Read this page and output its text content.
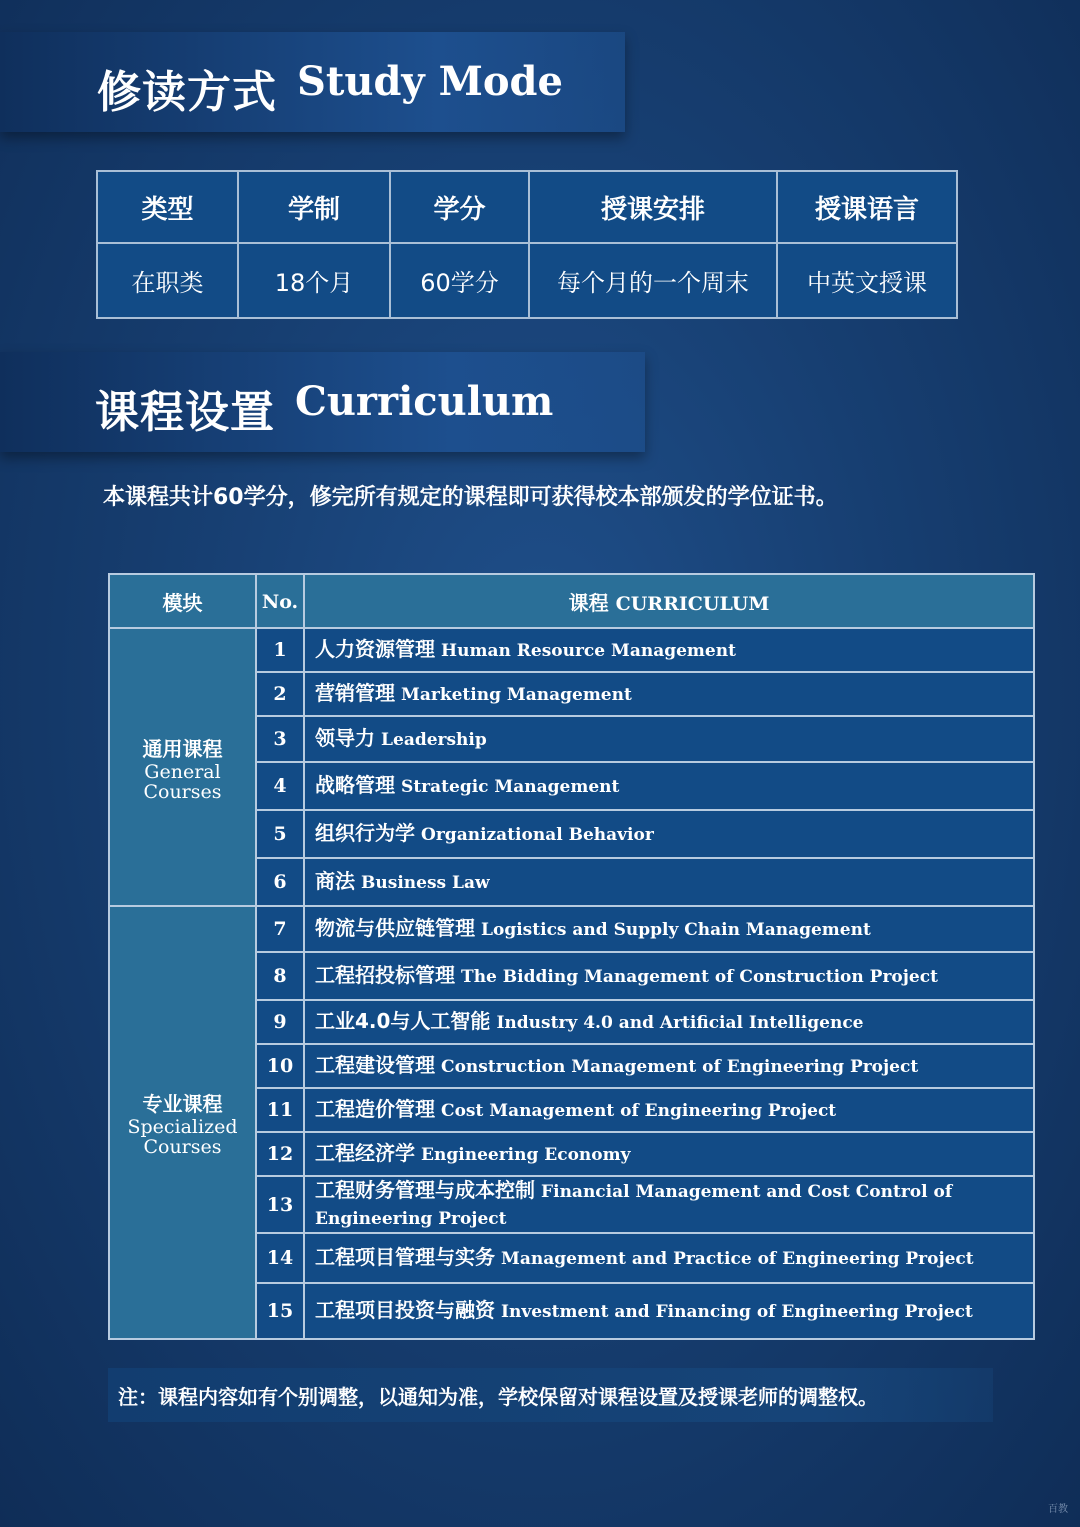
修读方式 Study Mode
类型	学制	学分	授课安排	授课语言
在职类	18个月	60学分	每个月的一个周末	中英文授课
课程设置 Curriculum
本课程共计60学分，修完所有规定的课程即可获得校本部颁发的学位证书。
模块	No.	课程 CURRICULUM

通用课程
General
Courses	1	人力资源管理 Human Resource Management
	2	营销管理 Marketing Management
	3	领导力 Leadership
	4	战略管理 Strategic Management
	5	组织行为学 Organizational Behavior
	6	商法 Business Law

专业课程
Specialized
Courses	7	物流与供应链管理 Logistics and Supply Chain Management
	8	工程招投标管理 The Bidding Management of Construction Project
	9	工业4.0与人工智能 Industry 4.0 and Artificial Intelligence
	10	工程建设管理 Construction Management of Engineering Project
	11	工程造价管理 Cost Management of Engineering Project
	12	工程经济学 Engineering Economy
	13	工程财务管理与成本控制 Financial Management and Cost Control of Engineering Project
	14	工程项目管理与实务 Management and Practice of Engineering Project
	15	工程项目投资与融资 Investment and Financing of Engineering Project
注：课程内容如有个别调整，以通知为准，学校保留对课程设置及授课老师的调整权。
百教
